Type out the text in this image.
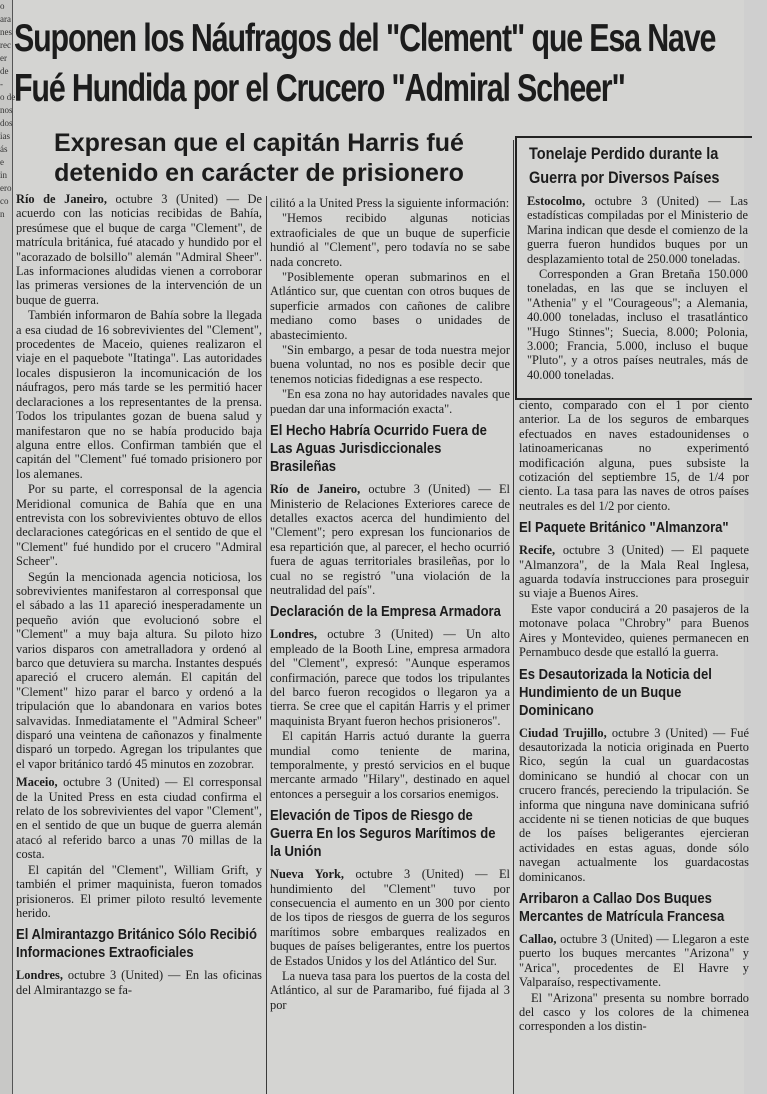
o
ara
nes
rec
er
de
-
o de
nos
dos
ias
ás
e
in
ero
co
n
Suponen los Náufragos del "Clement" que Esa Nave
Fué Hundida por el Crucero "Admiral Scheer"
Expresan que el capitán Harris fué detenido en carácter de prisionero

Río de Janeiro, octubre 3 (United) — De acuerdo con las noticias recibidas de Bahía, presúmese que el buque de carga "Clement", de matrícula británica, fué atacado y hundido por el "acorazado de bolsillo" alemán "Admiral Sheer". Las informaciones aludidas vienen a corroborar las primeras versiones de la intervención de un buque de guerra.

También informaron de Bahía sobre la llegada a esa ciudad de 16 sobrevivientes del "Clement", procedentes de Maceio, quienes realizaron el viaje en el paquebote "Itatinga". Las autoridades locales dispusieron la incomunicación de los náufragos, pero más tarde se les permitió hacer declaraciones a los representantes de la prensa. Todos los tripulantes gozan de buena salud y manifestaron que no se había producido baja alguna entre ellos. Confirman también que el capitán del "Clement" fué tomado prisionero por los alemanes.

Por su parte, el corresponsal de la agencia Meridional comunica de Bahía que en una entrevista con los sobrevivientes obtuvo de ellos declaraciones categóricas en el sentido de que el "Clement" fué hundido por el crucero "Admiral Scheer".

Según la mencionada agencia noticiosa, los sobrevivientes manifestaron al corresponsal que el sábado a las 11 apareció inesperadamente un pequeño avión que evolucionó sobre el "Clement" a muy baja altura. Su piloto hizo varios disparos con ametralladora y ordenó al barco que detuviera su marcha. Instantes después apareció el crucero alemán. El capitán del "Clement" hizo parar el barco y ordenó a la tripulación que lo abandonara en varios botes salvavidas. Inmediatamente el "Admiral Scheer" disparó una veintena de cañonazos y finalmente disparó un torpedo. Agregan los tripulantes que el vapor británico tardó 45 minutos en zozobrar.

Maceio, octubre 3 (United) — El corresponsal de la United Press en esta ciudad confirma el relato de los sobrevivientes del vapor "Clement", en el sentido de que un buque de guerra alemán atacó al referido barco a unas 70 millas de la costa.

El capitán del "Clement", William Grift, y también el primer maquinista, fueron tomados prisioneros. El primer piloto resultó levemente herido.

El Almirantazgo Británico Sólo Recibió Informaciones Extraoficiales

Londres, octubre 3 (United) — En las oficinas del Almirantazgo se fa-

cilitó a la United Press la siguiente información:

"Hemos recibido algunas noticias extraoficiales de que un buque de superficie hundió al "Clement", pero todavía no se sabe nada concreto.

"Posiblemente operan submarinos en el Atlántico sur, que cuentan con otros buques de superficie armados con cañones de calibre mediano como bases o unidades de abastecimiento.

"Sin embargo, a pesar de toda nuestra mejor buena voluntad, no nos es posible decir que tenemos noticias fidedignas a ese respecto.

"En esa zona no hay autoridades navales que puedan dar una información exacta".

El Hecho Habría Ocurrido Fuera de Las Aguas Jurisdiccionales Brasileñas

Río de Janeiro, octubre 3 (United) — El Ministerio de Relaciones Exteriores carece de detalles exactos acerca del hundimiento del "Clement"; pero expresan los funcionarios de esa repartición que, al parecer, el hecho ocurrió fuera de aguas territoriales brasileñas, por lo cual no se registró "una violación de la neutralidad del país".

Declaración de la Empresa Armadora

Londres, octubre 3 (United) — Un alto empleado de la Booth Line, empresa armadora del "Clement", expresó: "Aunque esperamos confirmación, parece que todos los tripulantes del barco fueron recogidos o llegaron ya a tierra. Se cree que el capitán Harris y el primer maquinista Bryant fueron hechos prisioneros".

El capitán Harris actuó durante la guerra mundial como teniente de marina, temporalmente, y prestó servicios en el buque mercante armado "Hilary", destinado en aquel entonces a perseguir a los corsarios enemigos.

Elevación de Tipos de Riesgo de Guerra En los Seguros Marítimos de la Unión

Nueva York, octubre 3 (United) — El hundimiento del "Clement" tuvo por consecuencia el aumento en un 300 por ciento de los tipos de riesgos de guerra de los seguros marítimos sobre embarques realizados en buques de países beligerantes, entre los puertos de Estados Unidos y los del Atlántico del Sur.

La nueva tasa para los puertos de la costa del Atlántico, al sur de Paramaribo, fué fijada al 3 por

Tonelaje Perdido durante la Guerra por Diversos Países

Estocolmo, octubre 3 (United) — Las estadísticas compiladas por el Ministerio de Marina indican que desde el comienzo de la guerra fueron hundidos buques por un desplazamiento total de 250.000 toneladas.

Corresponden a Gran Bretaña 150.000 toneladas, en las que se incluyen el "Athenia" y el "Courageous"; a Alemania, 40.000 toneladas, incluso el trasatlántico "Hugo Stinnes"; Suecia, 8.000; Polonia, 3.000; Francia, 5.000, incluso el buque "Pluto", y a otros países neutrales, más de 40.000 toneladas.

ciento, comparado con el 1 por ciento anterior. La de los seguros de embarques efectuados en naves estadounidenses o latinoamericanas no experimentó modificación alguna, pues subsiste la cotización del septiembre 15, de 1/4 por ciento. La tasa para las naves de otros países neutrales es del 1/2 por ciento.

El Paquete Británico "Almanzora"

Recife, octubre 3 (United) — El paquete "Almanzora", de la Mala Real Inglesa, aguarda todavía instrucciones para proseguir su viaje a Buenos Aires.

Este vapor conducirá a 20 pasajeros de la motonave polaca "Chrobry" para Buenos Aires y Montevideo, quienes permanecen en Pernambuco desde que estalló la guerra.

Es Desautorizada la Noticia del Hundimiento de un Buque Dominicano

Ciudad Trujillo, octubre 3 (United) — Fué desautorizada la noticia originada en Puerto Rico, según la cual un guardacostas dominicano se hundió al chocar con un crucero francés, pereciendo la tripulación. Se informa que ninguna nave dominicana sufrió accidente ni se tienen noticias de que buques de los países beligerantes ejercieran actividades en estas aguas, donde sólo navegan actualmente los guardacostas dominicanos.

Arribaron a Callao Dos Buques Mercantes de Matrícula Francesa

Callao, octubre 3 (United) — Llegaron a este puerto los buques mercantes "Arizona" y "Arica", procedentes de El Havre y Valparaíso, respectivamente.

El "Arizona" presenta su nombre borrado del casco y los colores de la chimenea corresponden a los distin-
